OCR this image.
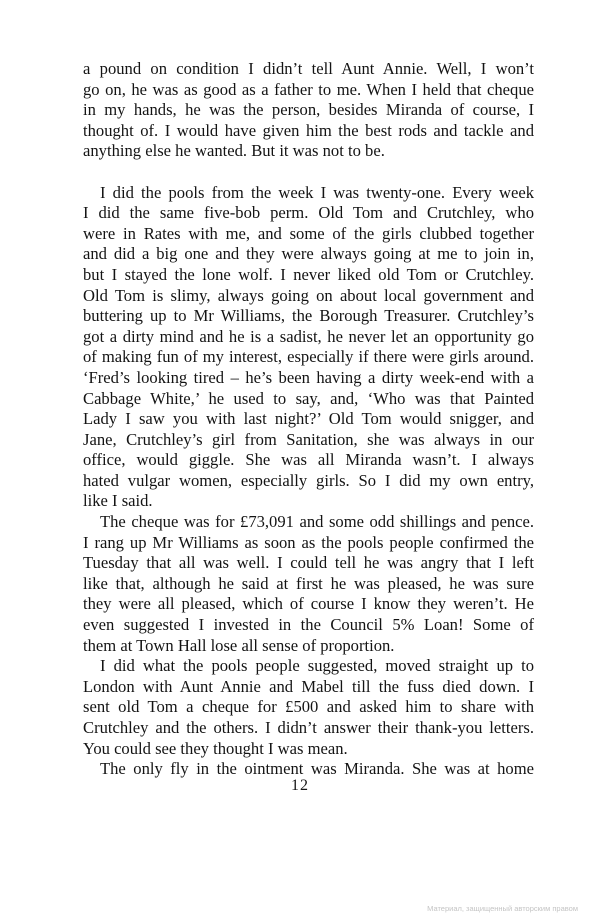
a pound on condition I didn’t tell Aunt Annie. Well, I won’t
go on, he was as good as a father to me. When I held that cheque
in my hands, he was the person, besides Miranda of course, I
thought of. I would have given him the best rods and tackle and
anything else he wanted. But it was not to be.
I did the pools from the week I was twenty-one. Every week
I did the same five-bob perm. Old Tom and Crutchley, who
were in Rates with me, and some of the girls clubbed together
and did a big one and they were always going at me to join in,
but I stayed the lone wolf. I never liked old Tom or Crutchley.
Old Tom is slimy, always going on about local government and
buttering up to Mr Williams, the Borough Treasurer. Crutchley’s
got a dirty mind and he is a sadist, he never let an opportunity go
of making fun of my interest, especially if there were girls around.
‘Fred’s looking tired – he’s been having a dirty week-end with a
Cabbage White,’ he used to say, and, ‘Who was that Painted
Lady I saw you with last night?’ Old Tom would snigger, and
Jane, Crutchley’s girl from Sanitation, she was always in our
office, would giggle. She was all Miranda wasn’t. I always
hated vulgar women, especially girls. So I did my own entry,
like I said.
The cheque was for £73,091 and some odd shillings and pence.
I rang up Mr Williams as soon as the pools people confirmed the
Tuesday that all was well. I could tell he was angry that I left
like that, although he said at first he was pleased, he was sure
they were all pleased, which of course I know they weren’t. He
even suggested I invested in the Council 5% Loan! Some of
them at Town Hall lose all sense of proportion.
I did what the pools people suggested, moved straight up to
London with Aunt Annie and Mabel till the fuss died down. I
sent old Tom a cheque for £500 and asked him to share with
Crutchley and the others. I didn’t answer their thank-you letters.
You could see they thought I was mean.
The only fly in the ointment was Miranda. She was at home
12
Материал, защищенный авторским правом
